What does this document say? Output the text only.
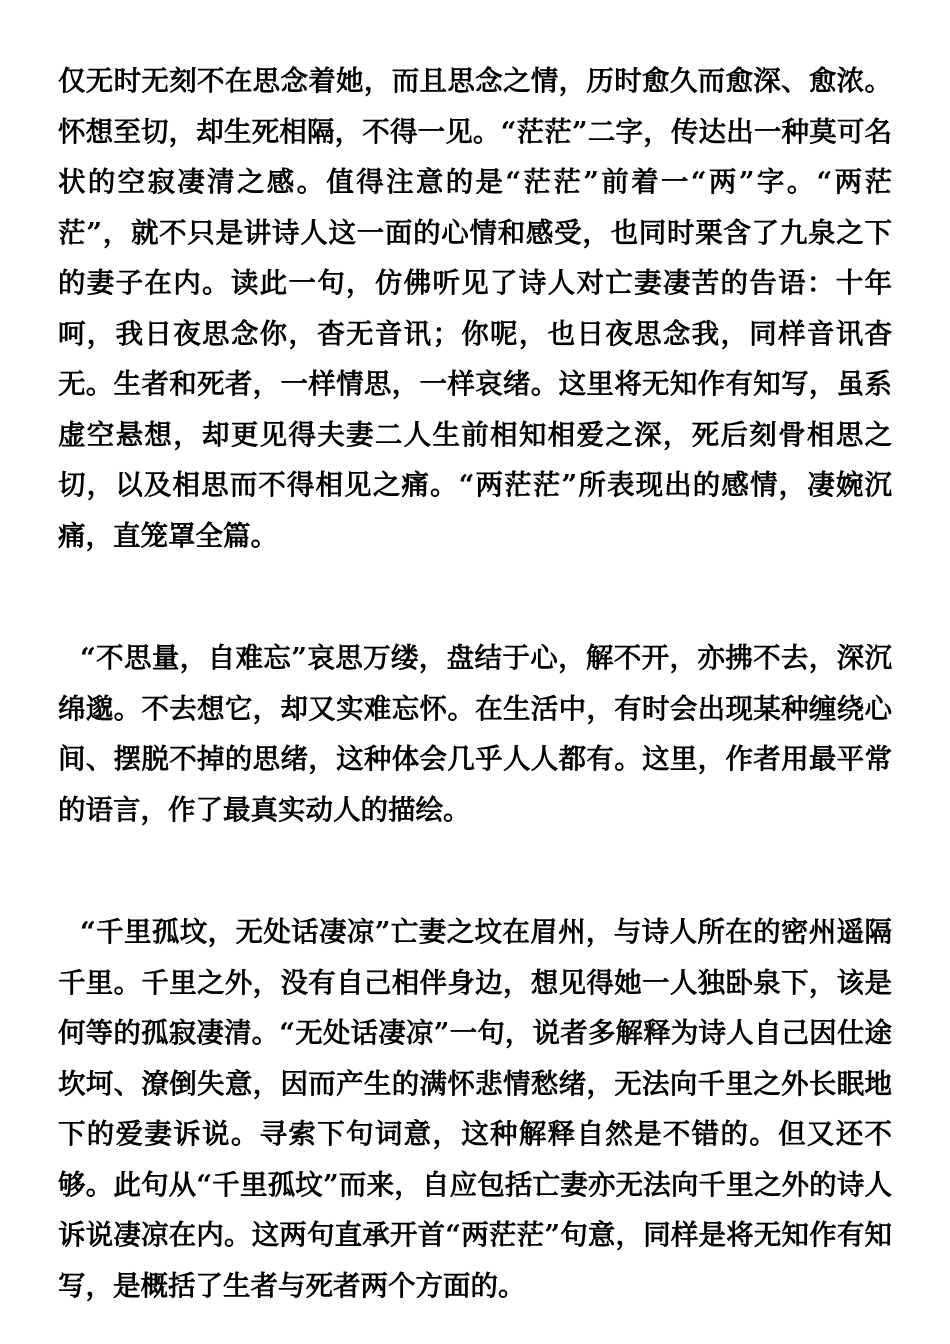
仅无时无刻不在思念着她，而且思念之情，历时愈久而愈深、愈浓。怀想至切，却生死相隔，不得一见。“茫茫”二字，传达出一种莫可名状的空寂凄清之感。值得注意的是“茫茫”前着一“两”字。“两茫茫”，就不只是讲诗人这一面的心情和感受，也同时栗含了九泉之下的妻子在内。读此一句，仿佛听见了诗人对亡妻凄苦的告语：十年呵，我日夜思念你，杳无音讯；你呢，也日夜思念我，同样音讯杳无。生者和死者，一样情思，一样哀绪。这里将无知作有知写，虽系虚空悬想，却更见得夫妻二人生前相知相爱之深，死后刻骨相思之切，以及相思而不得相见之痛。“两茫茫”所表现出的感情，凄婉沉痛，直笼罩全篇。

“不思量，自难忘”哀思万缕，盘结于心，解不开，亦拂不去，深沉绵邈。不去想它，却又实难忘怀。在生活中，有时会出现某种缠绕心间、摆脱不掉的思绪，这种体会几乎人人都有。这里，作者用最平常的语言，作了最真实动人的描绘。

“千里孤坟，无处话凄凉”亡妻之坟在眉州，与诗人所在的密州遥隔千里。千里之外，没有自己相伴身边，想见得她一人独卧泉下，该是何等的孤寂凄清。“无处话凄凉”一句，说者多解释为诗人自己因仕途坎坷、潦倒失意，因而产生的满怀悲情愁绪，无法向千里之外长眠地下的爱妻诉说。寻索下句词意，这种解释自然是不错的。但又还不够。此句从“千里孤坟”而来，自应包括亡妻亦无法向千里之外的诗人诉说凄凉在内。这两句直承开首“两茫茫”句意，同样是将无知作有知写，是概括了生者与死者两个方面的。
